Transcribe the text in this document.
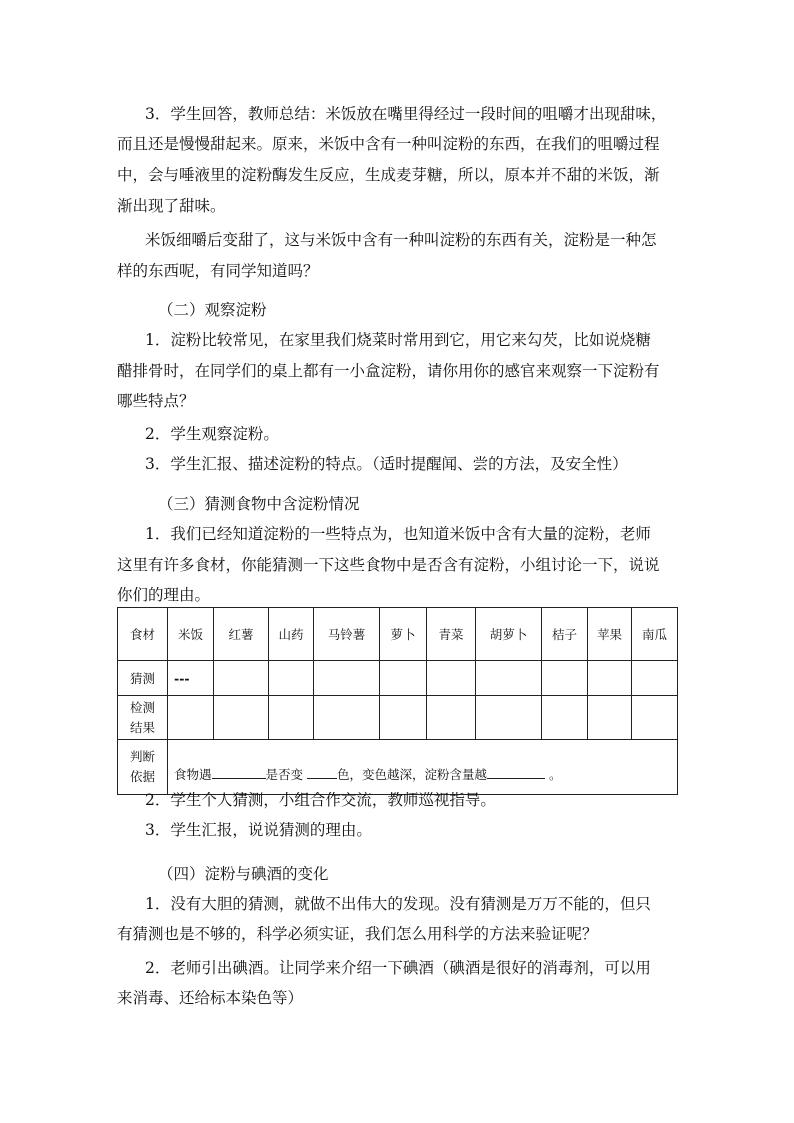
3．学生回答，教师总结：米饭放在嘴里得经过一段时间的咀嚼才出现甜味，
而且还是慢慢甜起来。原来，米饭中含有一种叫淀粉的东西，在我们的咀嚼过程
中，会与唾液里的淀粉酶发生反应，生成麦芽糖，所以，原本并不甜的米饭，渐
渐出现了甜味。
米饭细嚼后变甜了，这与米饭中含有一种叫淀粉的东西有关，淀粉是一种怎
样的东西呢，有同学知道吗？
（二）观察淀粉
1．淀粉比较常见，在家里我们烧菜时常用到它，用它来勾芡，比如说烧糖
醋排骨时，在同学们的桌上都有一小盒淀粉，请你用你的感官来观察一下淀粉有
哪些特点？
2．学生观察淀粉。
3．学生汇报、描述淀粉的特点。（适时提醒闻、尝的方法，及安全性）
（三）猜测食物中含淀粉情况
1．我们已经知道淀粉的一些特点为，也知道米饭中含有大量的淀粉，老师
这里有许多食材，你能猜测一下这些食物中是否含有淀粉，小组讨论一下，说说
你们的理由。
食材	米饭	红薯	山药	马铃薯	萝卜	青菜	胡萝卜	桔子	苹果	南瓜
猜测	---									
检测
结果										
判断
依据	食物遇 是否变 色，变色越深，淀粉含量越 。									
2．学生个人猜测，小组合作交流，教师巡视指导。
3．学生汇报，说说猜测的理由。
（四）淀粉与碘酒的变化
1．没有大胆的猜测，就做不出伟大的发现。没有猜测是万万不能的，但只
有猜测也是不够的，科学必须实证，我们怎么用科学的方法来验证呢？
2．老师引出碘酒。让同学来介绍一下碘酒（碘酒是很好的消毒剂，可以用
来消毒、还给标本染色等）
